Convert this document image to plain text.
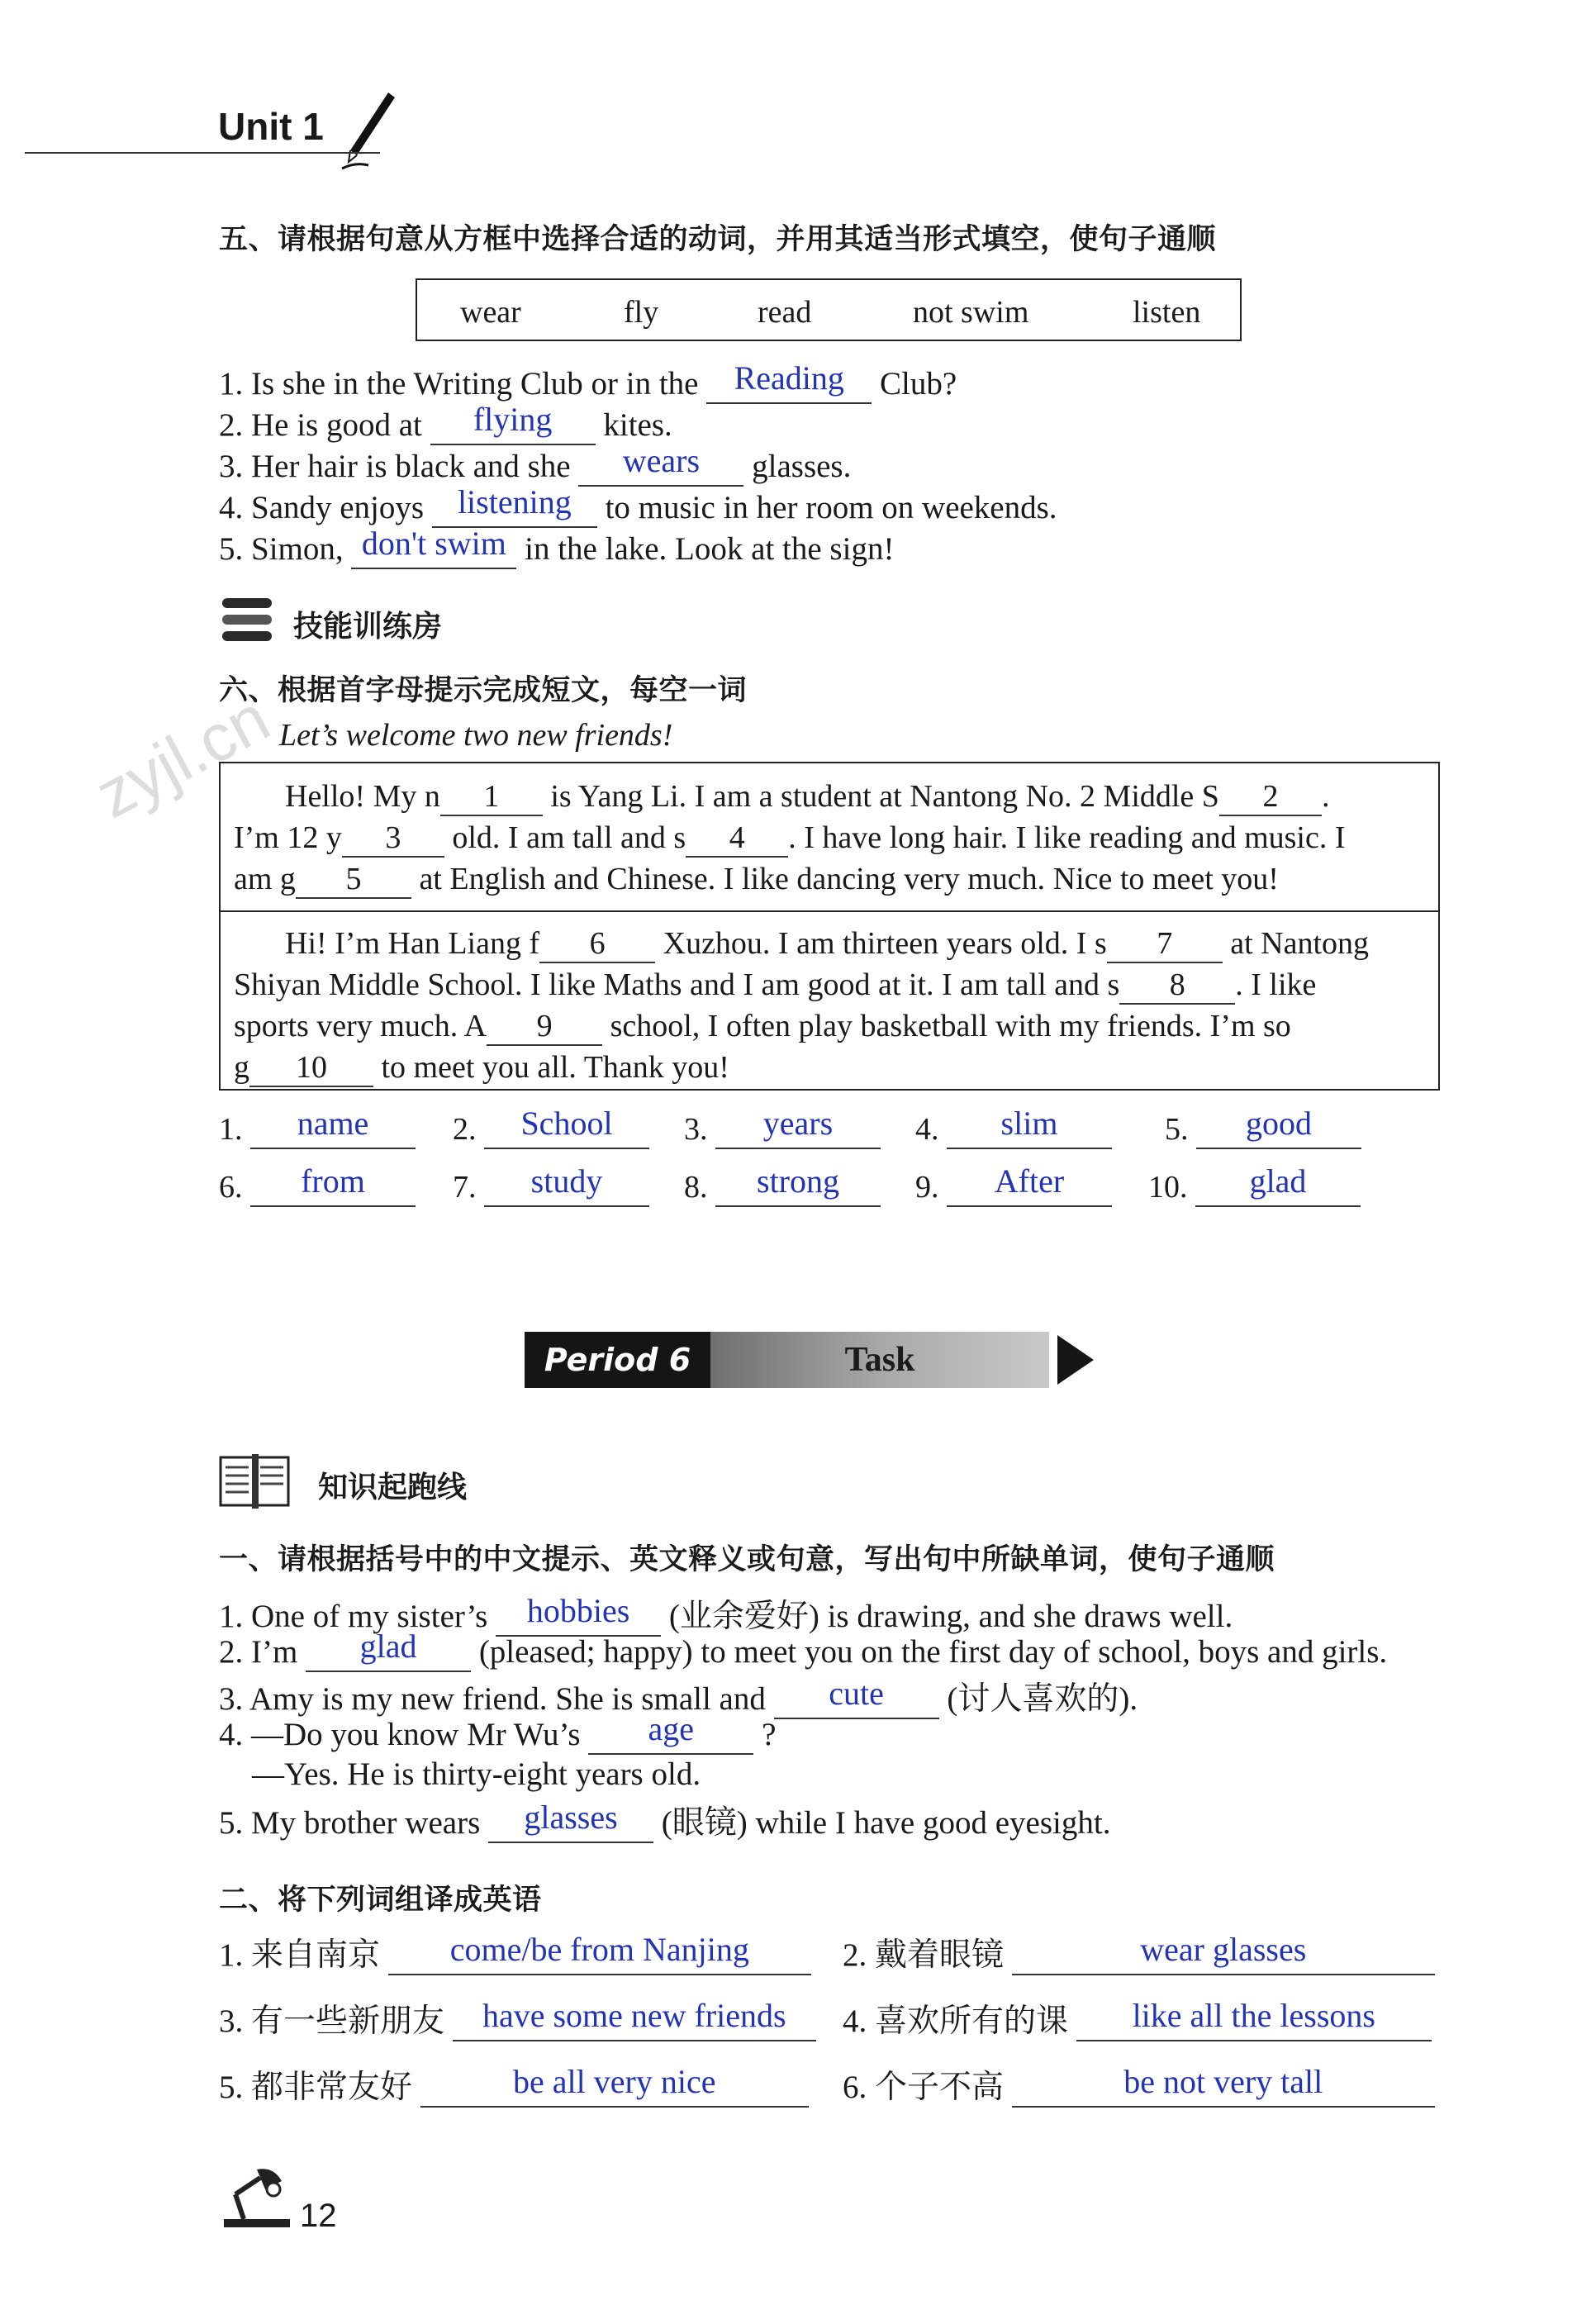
zyjl.cn
Unit 1
五、请根据句意从方框中选择合适的动词，并用其适当形式填空，使句子通顺
wear	fly	read	not swim	listen
1. Is she in the Writing Club or in the Reading Club?
2. He is good at flying kites.
3. Her hair is black and she wears glasses.
4. Sandy enjoys listening to music in her room on weekends.
5. Simon, don't swim in the lake. Look at the sign!
技能训练房
六、根据首字母提示完成短文，每空一词
Let’s welcome two new friends!
Hello! My n 1 is Yang Li. I am a student at Nantong No. 2 Middle S 2 .
I’m 12 y 3 old. I am tall and s 4 . I have long hair. I like reading and music. I
am g 5 at English and Chinese. I like dancing very much. Nice to meet you!
Hi! I’m Han Liang f 6 Xuzhou. I am thirteen years old. I s 7 at Nantong
Shiyan Middle School. I like Maths and I am good at it. I am tall and s 8 . I like
sports very much. A 9 school, I often play basketball with my friends. I’m so
g 10 to meet you all. Thank you!
1. name	2. School	3. years	4. slim	5. good
6. from	7. study	8. strong	9. After	10. glad
Period 6	Task
知识起跑线
一、请根据括号中的中文提示、英文释义或句意，写出句中所缺单词，使句子通顺
1. One of my sister’s hobbies (业余爱好) is drawing, and she draws well.
2. I’m glad (pleased; happy) to meet you on the first day of school, boys and girls.
3. Amy is my new friend. She is small and cute (讨人喜欢的).
4. —Do you know Mr Wu’s age ?
—Yes. He is thirty-eight years old.
5. My brother wears glasses (眼镜) while I have good eyesight.
二、将下列词组译成英语
1. 来自南京 come/be from Nanjing	2. 戴着眼镜	wear glasses
3. 有一些新朋友 have some new friends	4. 喜欢所有的课 like all the lessons
5. 都非常友好	be all very nice	6. 个子不高	be not very tall
12
